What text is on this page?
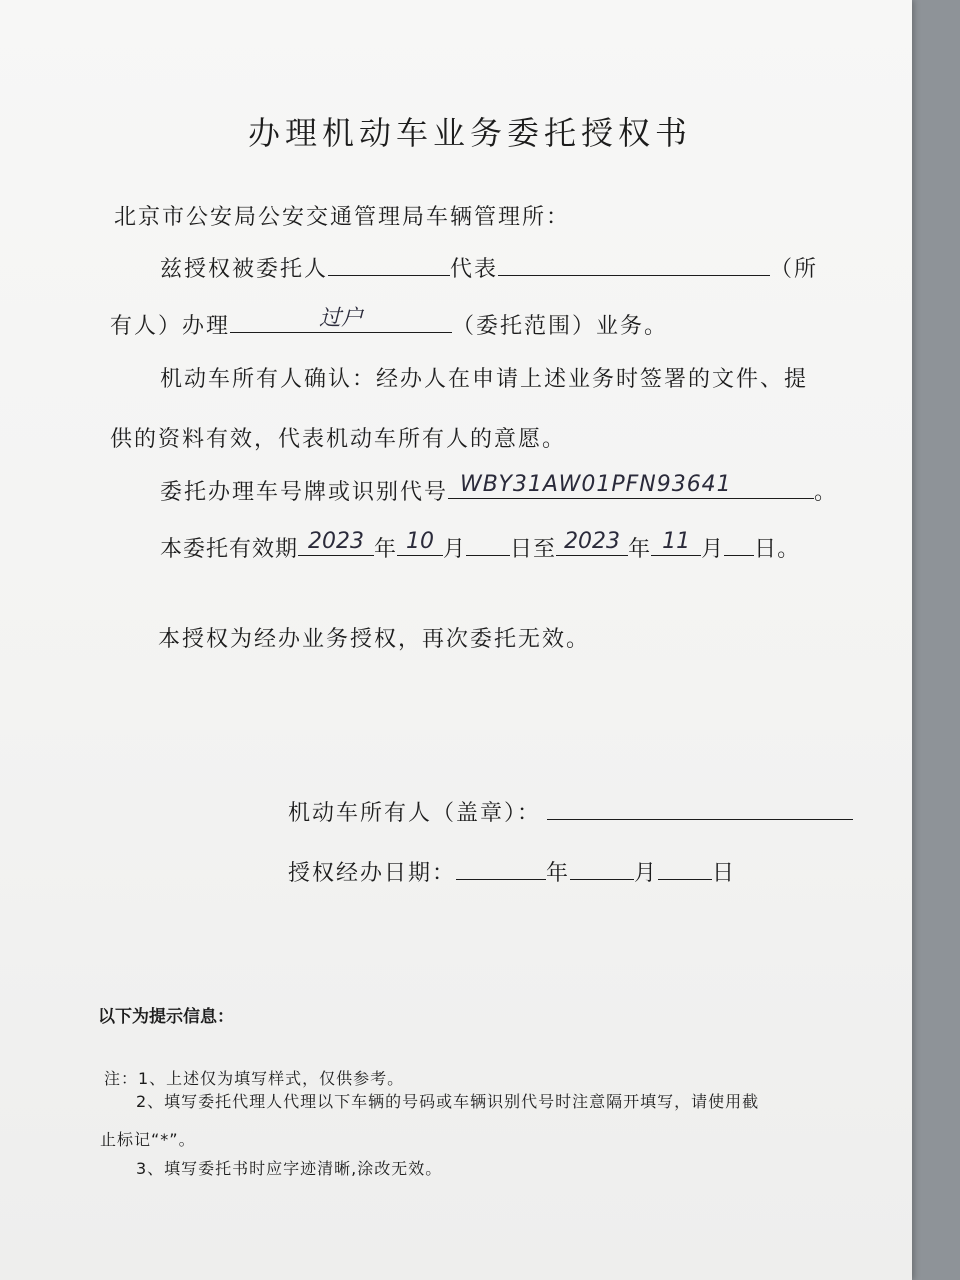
办理机动车业务委托授权书
北京市公安局公安交通管理局车辆管理所：
兹授权被委托人	代表	（所
有人）办理	过户	（委托范围）业务。
机动车所有人确认：经办人在申请上述业务时签署的文件、提
供的资料有效，代表机动车所有人的意愿。
委托办理车号牌或识别代号 WBY31AW01PFN93641	。
本委托有效期 2023 年 10 月 日至 2023 年 11 月 日。
本授权为经办业务授权，再次委托无效。
机动车所有人（盖章）：
授权经办日期：	年	月 日
以下为提示信息：
注：1、上述仅为填写样式，仅供参考。
2、填写委托代理人代理以下车辆的号码或车辆识别代号时注意隔开填写，请使用截
止标记“*”。
3、填写委托书时应字迹清晰,涂改无效。
